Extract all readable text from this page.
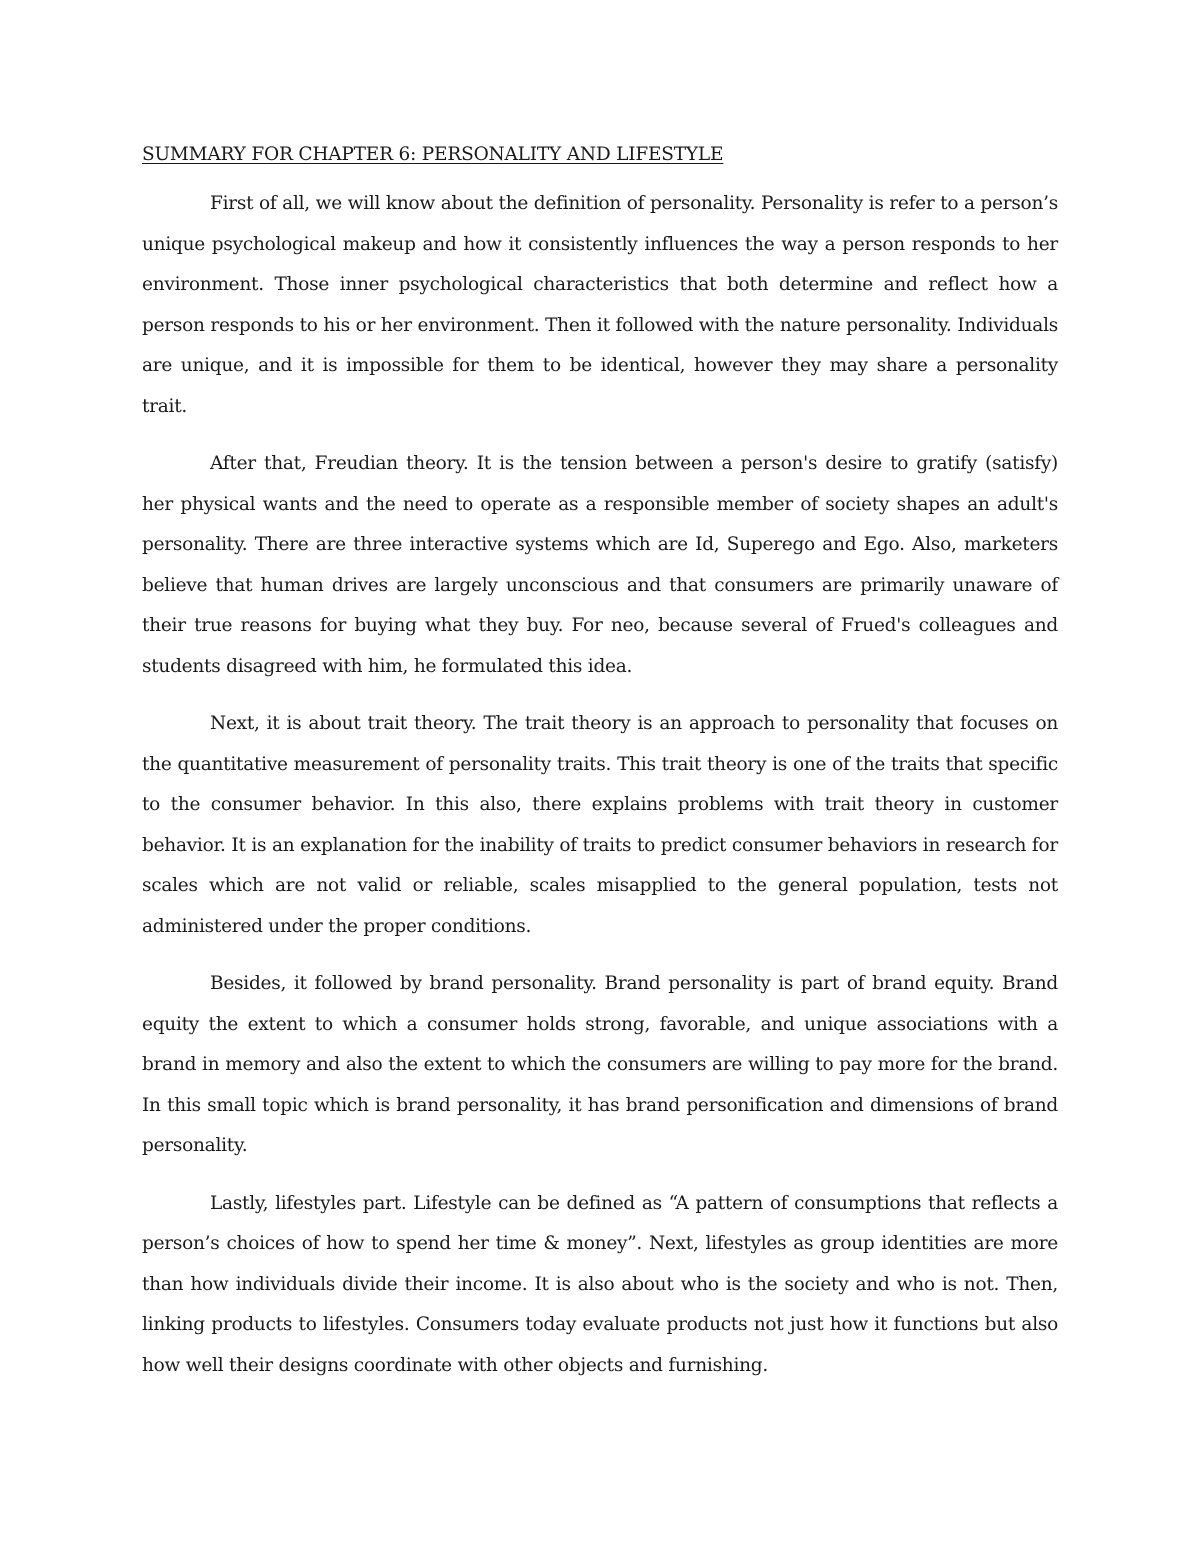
SUMMARY FOR CHAPTER 6: PERSONALITY AND LIFESTYLE

First of all, we will know about the definition of personality. Personality is refer to a person’s unique psychological makeup and how it consistently influences the way a person responds to her environment. Those inner psychological characteristics that both determine and reflect how a person responds to his or her environment. Then it followed with the nature personality. Individuals are unique, and it is impossible for them to be identical, however they may share a personality trait.

After that, Freudian theory. It is the tension between a person's desire to gratify (satisfy) her physical wants and the need to operate as a responsible member of society shapes an adult's personality. There are three interactive systems which are Id, Superego and Ego. Also, marketers believe that human drives are largely unconscious and that consumers are primarily unaware of their true reasons for buying what they buy. For neo, because several of Frued's colleagues and students disagreed with him, he formulated this idea.

Next, it is about trait theory. The trait theory is an approach to personality that focuses on the quantitative measurement of personality traits. This trait theory is one of the traits that specific to the consumer behavior. In this also, there explains problems with trait theory in customer behavior. It is an explanation for the inability of traits to predict consumer behaviors in research for scales which are not valid or reliable, scales misapplied to the general population, tests not administered under the proper conditions.

Besides, it followed by brand personality. Brand personality is part of brand equity. Brand equity the extent to which a consumer holds strong, favorable, and unique associations with a brand in memory and also the extent to which the consumers are willing to pay more for the brand. In this small topic which is brand personality, it has brand personification and dimensions of brand personality.

Lastly, lifestyles part. Lifestyle can be defined as “A pattern of consumptions that reflects a person’s choices of how to spend her time & money”. Next, lifestyles as group identities are more than how individuals divide their income. It is also about who is the society and who is not. Then, linking products to lifestyles. Consumers today evaluate products not just how it functions but also how well their designs coordinate with other objects and furnishing.
